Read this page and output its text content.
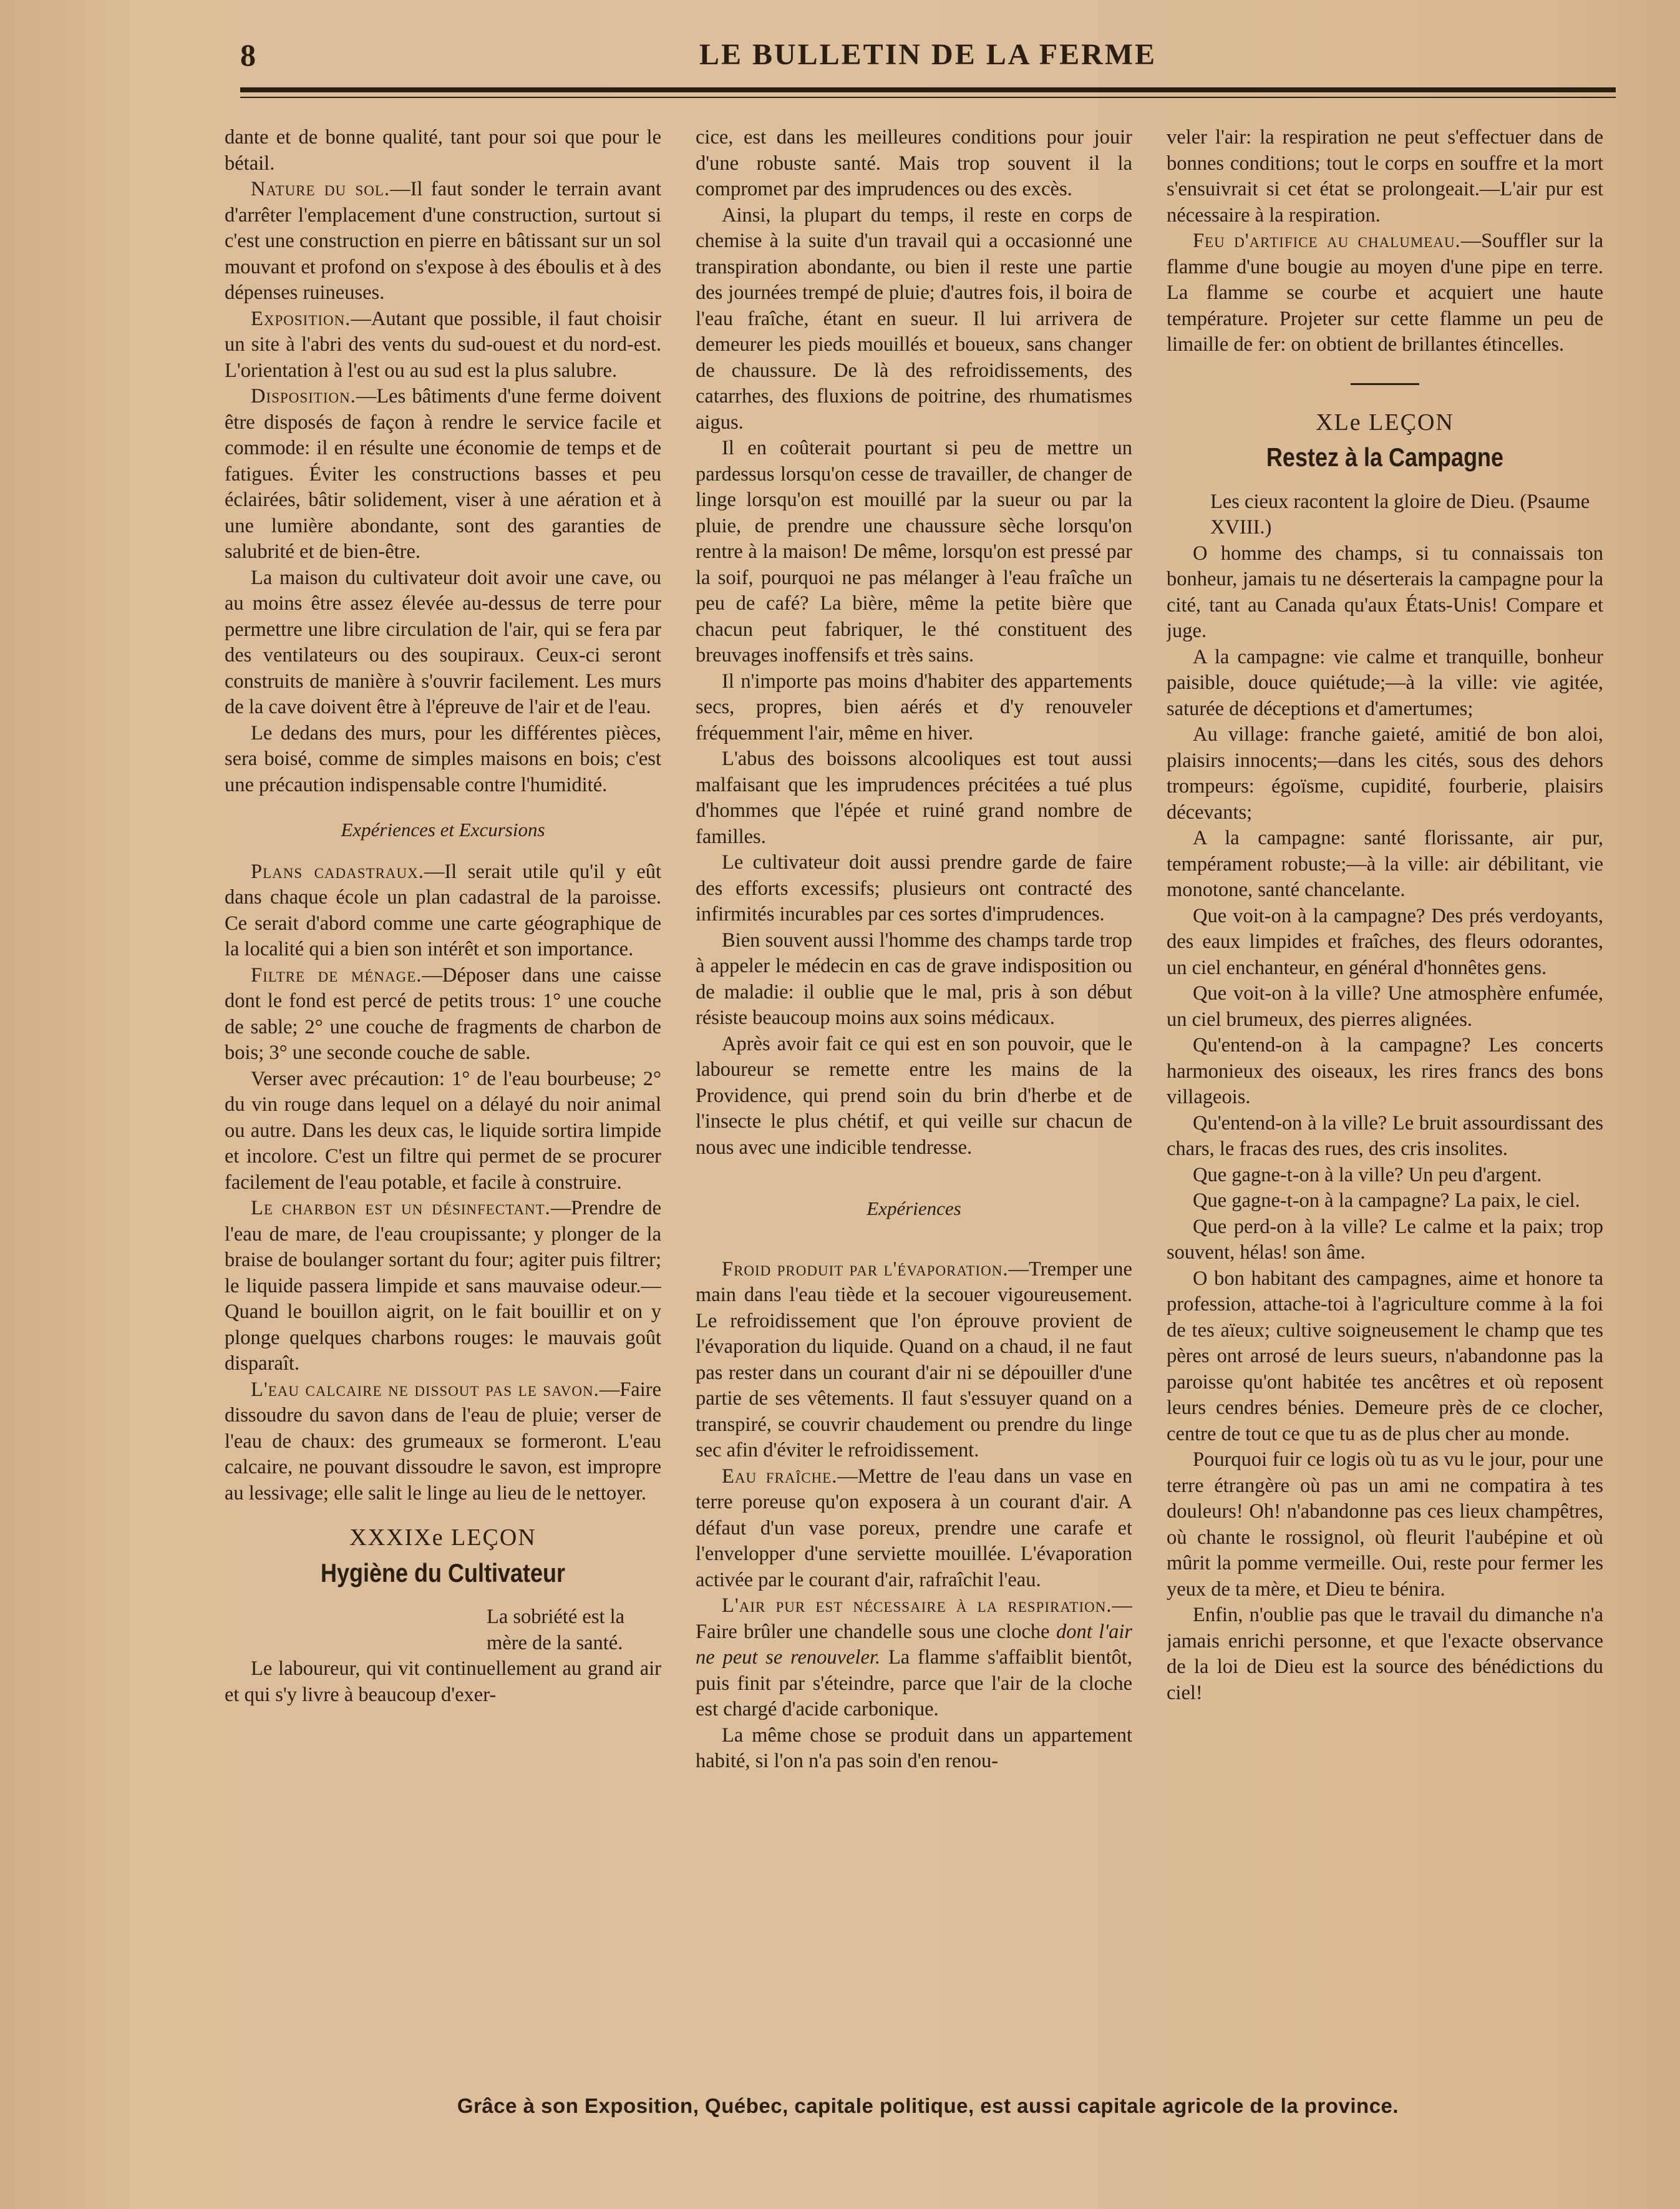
8	LE BULLETIN DE LA FERME

dante et de bonne qualité, tant pour soi que pour le bétail.

Nature du sol.—Il faut sonder le terrain avant d'arrêter l'emplacement d'une construction, surtout si c'est une construction en pierre en bâtissant sur un sol mouvant et profond on s'expose à des éboulis et à des dépenses ruineuses.

Exposition.—Autant que possible, il faut choisir un site à l'abri des vents du sud-ouest et du nord-est. L'orientation à l'est ou au sud est la plus salubre.

Disposition.—Les bâtiments d'une ferme doivent être disposés de façon à rendre le service facile et commode: il en résulte une économie de temps et de fatigues. Éviter les constructions basses et peu éclairées, bâtir solidement, viser à une aération et à une lumière abondante, sont des garanties de salubrité et de bien-être.

La maison du cultivateur doit avoir une cave, ou au moins être assez élevée au-dessus de terre pour permettre une libre circulation de l'air, qui se fera par des ventilateurs ou des soupiraux. Ceux-ci seront construits de manière à s'ouvrir facilement. Les murs de la cave doivent être à l'épreuve de l'air et de l'eau.

Le dedans des murs, pour les différentes pièces, sera boisé, comme de simples maisons en bois; c'est une précaution indispensable contre l'humidité.

Expériences et Excursions

Plans cadastraux.—Il serait utile qu'il y eût dans chaque école un plan cadastral de la paroisse. Ce serait d'abord comme une carte géographique de la localité qui a bien son intérêt et son importance.

Filtre de ménage.—Déposer dans une caisse dont le fond est percé de petits trous: 1° une couche de sable; 2° une couche de fragments de charbon de bois; 3° une seconde couche de sable.

Verser avec précaution: 1° de l'eau bourbeuse; 2° du vin rouge dans lequel on a délayé du noir animal ou autre. Dans les deux cas, le liquide sortira limpide et incolore. C'est un filtre qui permet de se procurer facilement de l'eau potable, et facile à construire.

Le charbon est un désinfectant.—Prendre de l'eau de mare, de l'eau croupissante; y plonger de la braise de boulanger sortant du four; agiter puis filtrer; le liquide passera limpide et sans mauvaise odeur.—Quand le bouillon aigrit, on le fait bouillir et on y plonge quelques charbons rouges: le mauvais goût disparaît.

L'eau calcaire ne dissout pas le savon.—Faire dissoudre du savon dans de l'eau de pluie; verser de l'eau de chaux: des grumeaux se formeront. L'eau calcaire, ne pouvant dissoudre le savon, est impropre au lessivage; elle salit le linge au lieu de le nettoyer.

XXXIXe LEÇON
Hygiène du Cultivateur

La sobriété est la mère de la santé.

Le laboureur, qui vit continuellement au grand air et qui s'y livre à beaucoup d'exer-

cice, est dans les meilleures conditions pour jouir d'une robuste santé. Mais trop souvent il la compromet par des imprudences ou des excès.

Ainsi, la plupart du temps, il reste en corps de chemise à la suite d'un travail qui a occasionné une transpiration abondante, ou bien il reste une partie des journées trempé de pluie; d'autres fois, il boira de l'eau fraîche, étant en sueur. Il lui arrivera de demeurer les pieds mouillés et boueux, sans changer de chaussure. De là des refroidissements, des catarrhes, des fluxions de poitrine, des rhumatismes aigus.

Il en coûterait pourtant si peu de mettre un pardessus lorsqu'on cesse de travailler, de changer de linge lorsqu'on est mouillé par la sueur ou par la pluie, de prendre une chaussure sèche lorsqu'on rentre à la maison! De même, lorsqu'on est pressé par la soif, pourquoi ne pas mélanger à l'eau fraîche un peu de café? La bière, même la petite bière que chacun peut fabriquer, le thé constituent des breuvages inoffensifs et très sains.

Il n'importe pas moins d'habiter des appartements secs, propres, bien aérés et d'y renouveler fréquemment l'air, même en hiver.

L'abus des boissons alcooliques est tout aussi malfaisant que les imprudences précitées a tué plus d'hommes que l'épée et ruiné grand nombre de familles.

Le cultivateur doit aussi prendre garde de faire des efforts excessifs; plusieurs ont contracté des infirmités incurables par ces sortes d'imprudences.

Bien souvent aussi l'homme des champs tarde trop à appeler le médecin en cas de grave indisposition ou de maladie: il oublie que le mal, pris à son début résiste beaucoup moins aux soins médicaux.

Après avoir fait ce qui est en son pouvoir, que le laboureur se remette entre les mains de la Providence, qui prend soin du brin d'herbe et de l'insecte le plus chétif, et qui veille sur chacun de nous avec une indicible tendresse.

Expériences

Froid produit par l'évaporation.—Tremper une main dans l'eau tiède et la secouer vigoureusement. Le refroidissement que l'on éprouve provient de l'évaporation du liquide. Quand on a chaud, il ne faut pas rester dans un courant d'air ni se dépouiller d'une partie de ses vêtements. Il faut s'essuyer quand on a transpiré, se couvrir chaudement ou prendre du linge sec afin d'éviter le refroidissement.

Eau fraîche.—Mettre de l'eau dans un vase en terre poreuse qu'on exposera à un courant d'air. A défaut d'un vase poreux, prendre une carafe et l'envelopper d'une serviette mouillée. L'évaporation activée par le courant d'air, rafraîchit l'eau.

L'air pur est nécessaire à la respiration.—Faire brûler une chandelle sous une cloche dont l'air ne peut se renouveler. La flamme s'affaiblit bientôt, puis finit par s'éteindre, parce que l'air de la cloche est chargé d'acide carbonique.

La même chose se produit dans un appartement habité, si l'on n'a pas soin d'en renou-

veler l'air: la respiration ne peut s'effectuer dans de bonnes conditions; tout le corps en souffre et la mort s'ensuivrait si cet état se prolongeait.—L'air pur est nécessaire à la respiration.

Feu d'artifice au chalumeau.—Souffler sur la flamme d'une bougie au moyen d'une pipe en terre. La flamme se courbe et acquiert une haute température. Projeter sur cette flamme un peu de limaille de fer: on obtient de brillantes étincelles.

XLe LEÇON
Restez à la Campagne

Les cieux racontent la gloire de Dieu. (Psaume XVIII.)

O homme des champs, si tu connaissais ton bonheur, jamais tu ne déserterais la campagne pour la cité, tant au Canada qu'aux États-Unis! Compare et juge.

A la campagne: vie calme et tranquille, bonheur paisible, douce quiétude;—à la ville: vie agitée, saturée de déceptions et d'amertumes;

Au village: franche gaieté, amitié de bon aloi, plaisirs innocents;—dans les cités, sous des dehors trompeurs: égoïsme, cupidité, fourberie, plaisirs décevants;

A la campagne: santé florissante, air pur, tempérament robuste;—à la ville: air débilitant, vie monotone, santé chancelante.

Que voit-on à la campagne? Des prés verdoyants, des eaux limpides et fraîches, des fleurs odorantes, un ciel enchanteur, en général d'honnêtes gens.

Que voit-on à la ville? Une atmosphère enfumée, un ciel brumeux, des pierres alignées.

Qu'entend-on à la campagne? Les concerts harmonieux des oiseaux, les rires francs des bons villageois.

Qu'entend-on à la ville? Le bruit assourdissant des chars, le fracas des rues, des cris insolites.

Que gagne-t-on à la ville? Un peu d'argent.

Que gagne-t-on à la campagne? La paix, le ciel.

Que perd-on à la ville? Le calme et la paix; trop souvent, hélas! son âme.

O bon habitant des campagnes, aime et honore ta profession, attache-toi à l'agriculture comme à la foi de tes aïeux; cultive soigneusement le champ que tes pères ont arrosé de leurs sueurs, n'abandonne pas la paroisse qu'ont habitée tes ancêtres et où reposent leurs cendres bénies. Demeure près de ce clocher, centre de tout ce que tu as de plus cher au monde.

Pourquoi fuir ce logis où tu as vu le jour, pour une terre étrangère où pas un ami ne compatira à tes douleurs! Oh! n'abandonne pas ces lieux champêtres, où chante le rossignol, où fleurit l'aubépine et où mûrit la pomme vermeille. Oui, reste pour fermer les yeux de ta mère, et Dieu te bénira.

Enfin, n'oublie pas que le travail du dimanche n'a jamais enrichi personne, et que l'exacte observance de la loi de Dieu est la source des bénédictions du ciel!

Grâce à son Exposition, Québec, capitale politique, est aussi capitale agricole de la province.
